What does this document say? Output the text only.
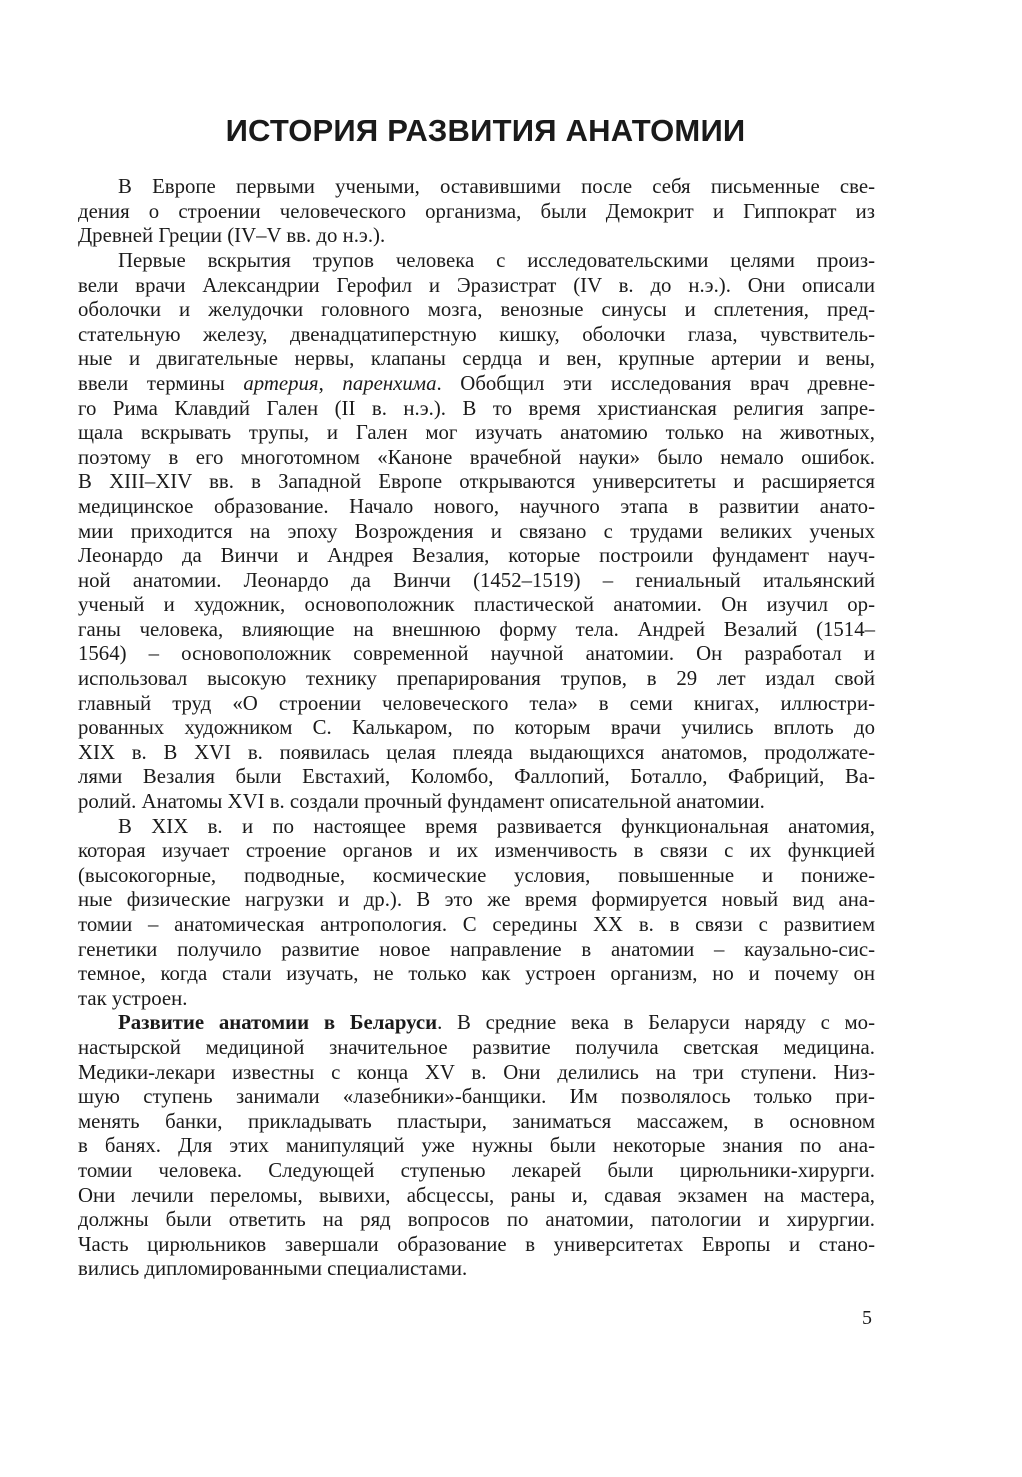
ИСТОРИЯ РАЗВИТИЯ АНАТОМИИ
В Европе первыми учеными, оставившими после себя письменные све-
дения о строении человеческого организма, были Демокрит и Гиппократ из
Древней Греции (IV–V вв. до н.э.).
Первые вскрытия трупов человека с исследовательскими целями произ-
вели врачи Александрии Герофил и Эразистрат (IV в. до н.э.). Они описали
оболочки и желудочки головного мозга, венозные синусы и сплетения, пред-
стательную железу, двенадцатиперстную кишку, оболочки глаза, чувствитель-
ные и двигательные нервы, клапаны сердца и вен, крупные артерии и вены,
ввели термины артерия, паренхима. Обобщил эти исследования врач древне-
го Рима Клавдий Гален (II в. н.э.). В то время христианская религия запре-
щала вскрывать трупы, и Гален мог изучать анатомию только на животных,
поэтому в его многотомном «Каноне врачебной науки» было немало ошибок.
В XIII–XIV вв. в Западной Европе открываются университеты и расширяется
медицинское образование. Начало нового, научного этапа в развитии анато-
мии приходится на эпоху Возрождения и связано с трудами великих ученых
Леонардо да Винчи и Андрея Везалия, которые построили фундамент науч-
ной анатомии. Леонардо да Винчи (1452–1519) – гениальный итальянский
ученый и художник, основоположник пластической анатомии. Он изучил ор-
ганы человека, влияющие на внешнюю форму тела. Андрей Везалий (1514–
1564) – основоположник современной научной анатомии. Он разработал и
использовал высокую технику препарирования трупов, в 29 лет издал свой
главный труд «О строении человеческого тела» в семи книгах, иллюстри-
рованных художником С. Калькаром, по которым врачи учились вплоть до
XIX в. В XVI в. появилась целая плеяда выдающихся анатомов, продолжате-
лями Везалия были Евстахий, Коломбо, Фаллопий, Боталло, Фабриций, Ва-
ролий. Анатомы XVI в. создали прочный фундамент описательной анатомии.
В XIX в. и по настоящее время развивается функциональная анатомия,
которая изучает строение органов и их изменчивость в связи с их функцией
(высокогорные, подводные, космические условия, повышенные и пониже-
ные физические нагрузки и др.). В это же время формируется новый вид ана-
томии – анатомическая антропология. С середины XX в. в связи с развитием
генетики получило развитие новое направление в анатомии – каузально-сис-
темное, когда стали изучать, не только как устроен организм, но и почему он
так устроен.
Развитие анатомии в Беларуси. В средние века в Беларуси наряду с мо-
настырской медициной значительное развитие получила светская медицина.
Медики-лекари известны с конца XV в. Они делились на три ступени. Низ-
шую ступень занимали «лазебники»-банщики. Им позволялось только при-
менять банки, прикладывать пластыри, заниматься массажем, в основном
в банях. Для этих манипуляций уже нужны были некоторые знания по ана-
томии человека. Следующей ступенью лекарей были цирюльники-хирурги.
Они лечили переломы, вывихи, абсцессы, раны и, сдавая экзамен на мастера,
должны были ответить на ряд вопросов по анатомии, патологии и хирургии.
Часть цирюльников завершали образование в университетах Европы и стано-
вились дипломированными специалистами.
5
